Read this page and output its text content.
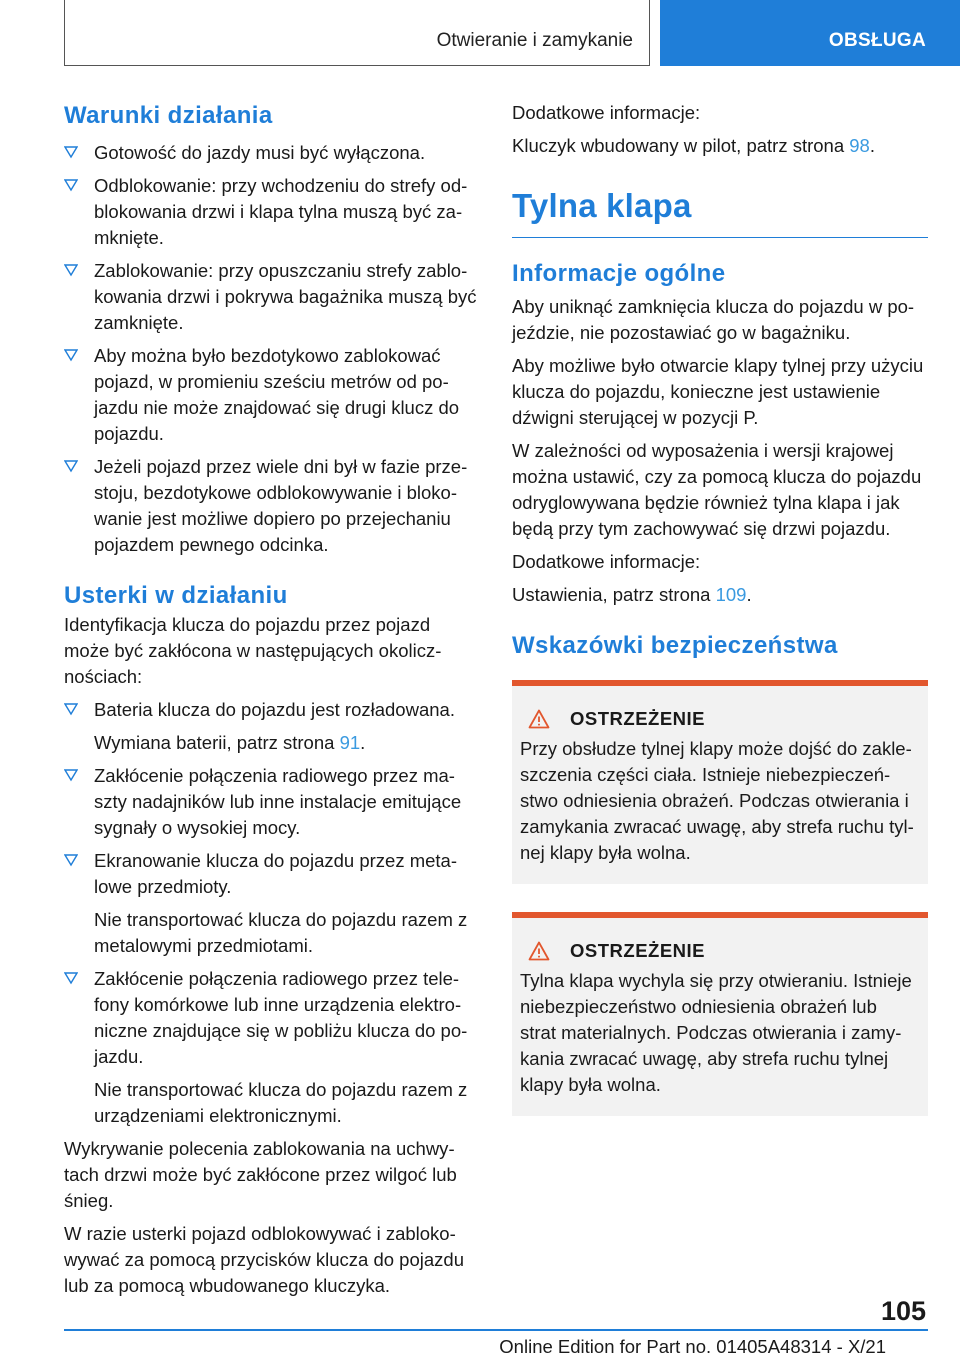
Otwieranie i zamykanie	OBSŁUGA
Warunki działania
Gotowość do jazdy musi być wyłączona.
Odblokowanie: przy wchodzeniu do strefy odblokowania drzwi i klapa tylna muszą być zamknięte.
Zablokowanie: przy opuszczaniu strefy zablokowania drzwi i pokrywa bagażnika muszą być zamknięte.
Aby można było bezdotykowo zablokować pojazd, w promieniu sześciu metrów od pojazdu nie może znajdować się drugi klucz do pojazdu.
Jeżeli pojazd przez wiele dni był w fazie przestoju, bezdotykowe odblokowywanie i blokowanie jest możliwe dopiero po przejechaniu pojazdem pewnego odcinka.
Usterki w działaniu

Identyfikacja klucza do pojazdu przez pojazd może być zakłócona w następujących okolicznościach:

Bateria klucza do pojazdu jest rozładowana.
Wymiana baterii, patrz strona 91.
Zakłócenie połączenia radiowego przez maszty nadajników lub inne instalacje emitujące sygnały o wysokiej mocy.
Ekranowanie klucza do pojazdu przez metalowe przedmioty.
Nie transportować klucza do pojazdu razem z metalowymi przedmiotami.
Zakłócenie połączenia radiowego przez telefony komórkowe lub inne urządzenia elektroniczne znajdujące się w pobliżu klucza do pojazdu.
Nie transportować klucza do pojazdu razem z urządzeniami elektronicznymi.

Wykrywanie polecenia zablokowania na uchwytach drzwi może być zakłócone przez wilgoć lub śnieg.

W razie usterki pojazd odblokowywać i zablokowywać za pomocą przycisków klucza do pojazdu lub za pomocą wbudowanego kluczyka.

Dodatkowe informacje:

Kluczyk wbudowany w pilot, patrz strona 98.

Tylna klapa
Informacje ogólne

Aby uniknąć zamknięcia klucza do pojazdu w pojeździe, nie pozostawiać go w bagażniku.

Aby możliwe było otwarcie klapy tylnej przy użyciu klucza do pojazdu, konieczne jest ustawienie dźwigni sterującej w pozycji P.

W zależności od wyposażenia i wersji krajowej można ustawić, czy za pomocą klucza do pojazdu odryglowywana będzie również tylna klapa i jak będą przy tym zachowywać się drzwi pojazdu.

Dodatkowe informacje:

Ustawienia, patrz strona 109.

Wskazówki bezpieczeństwa
OSTRZEŻENIE

Przy obsłudze tylnej klapy może dojść do zakleszczenia części ciała. Istnieje niebezpieczeństwo odniesienia obrażeń. Podczas otwierania i zamykania zwracać uwagę, aby strefa ruchu tylnej klapy była wolna.

OSTRZEŻENIE

Tylna klapa wychyla się przy otwieraniu. Istnieje niebezpieczeństwo odniesienia obrażeń lub strat materialnych. Podczas otwierania i zamykania zwracać uwagę, aby strefa ruchu tylnej klapy była wolna.

105
Online Edition for Part no. 01405A48314 - X/21
